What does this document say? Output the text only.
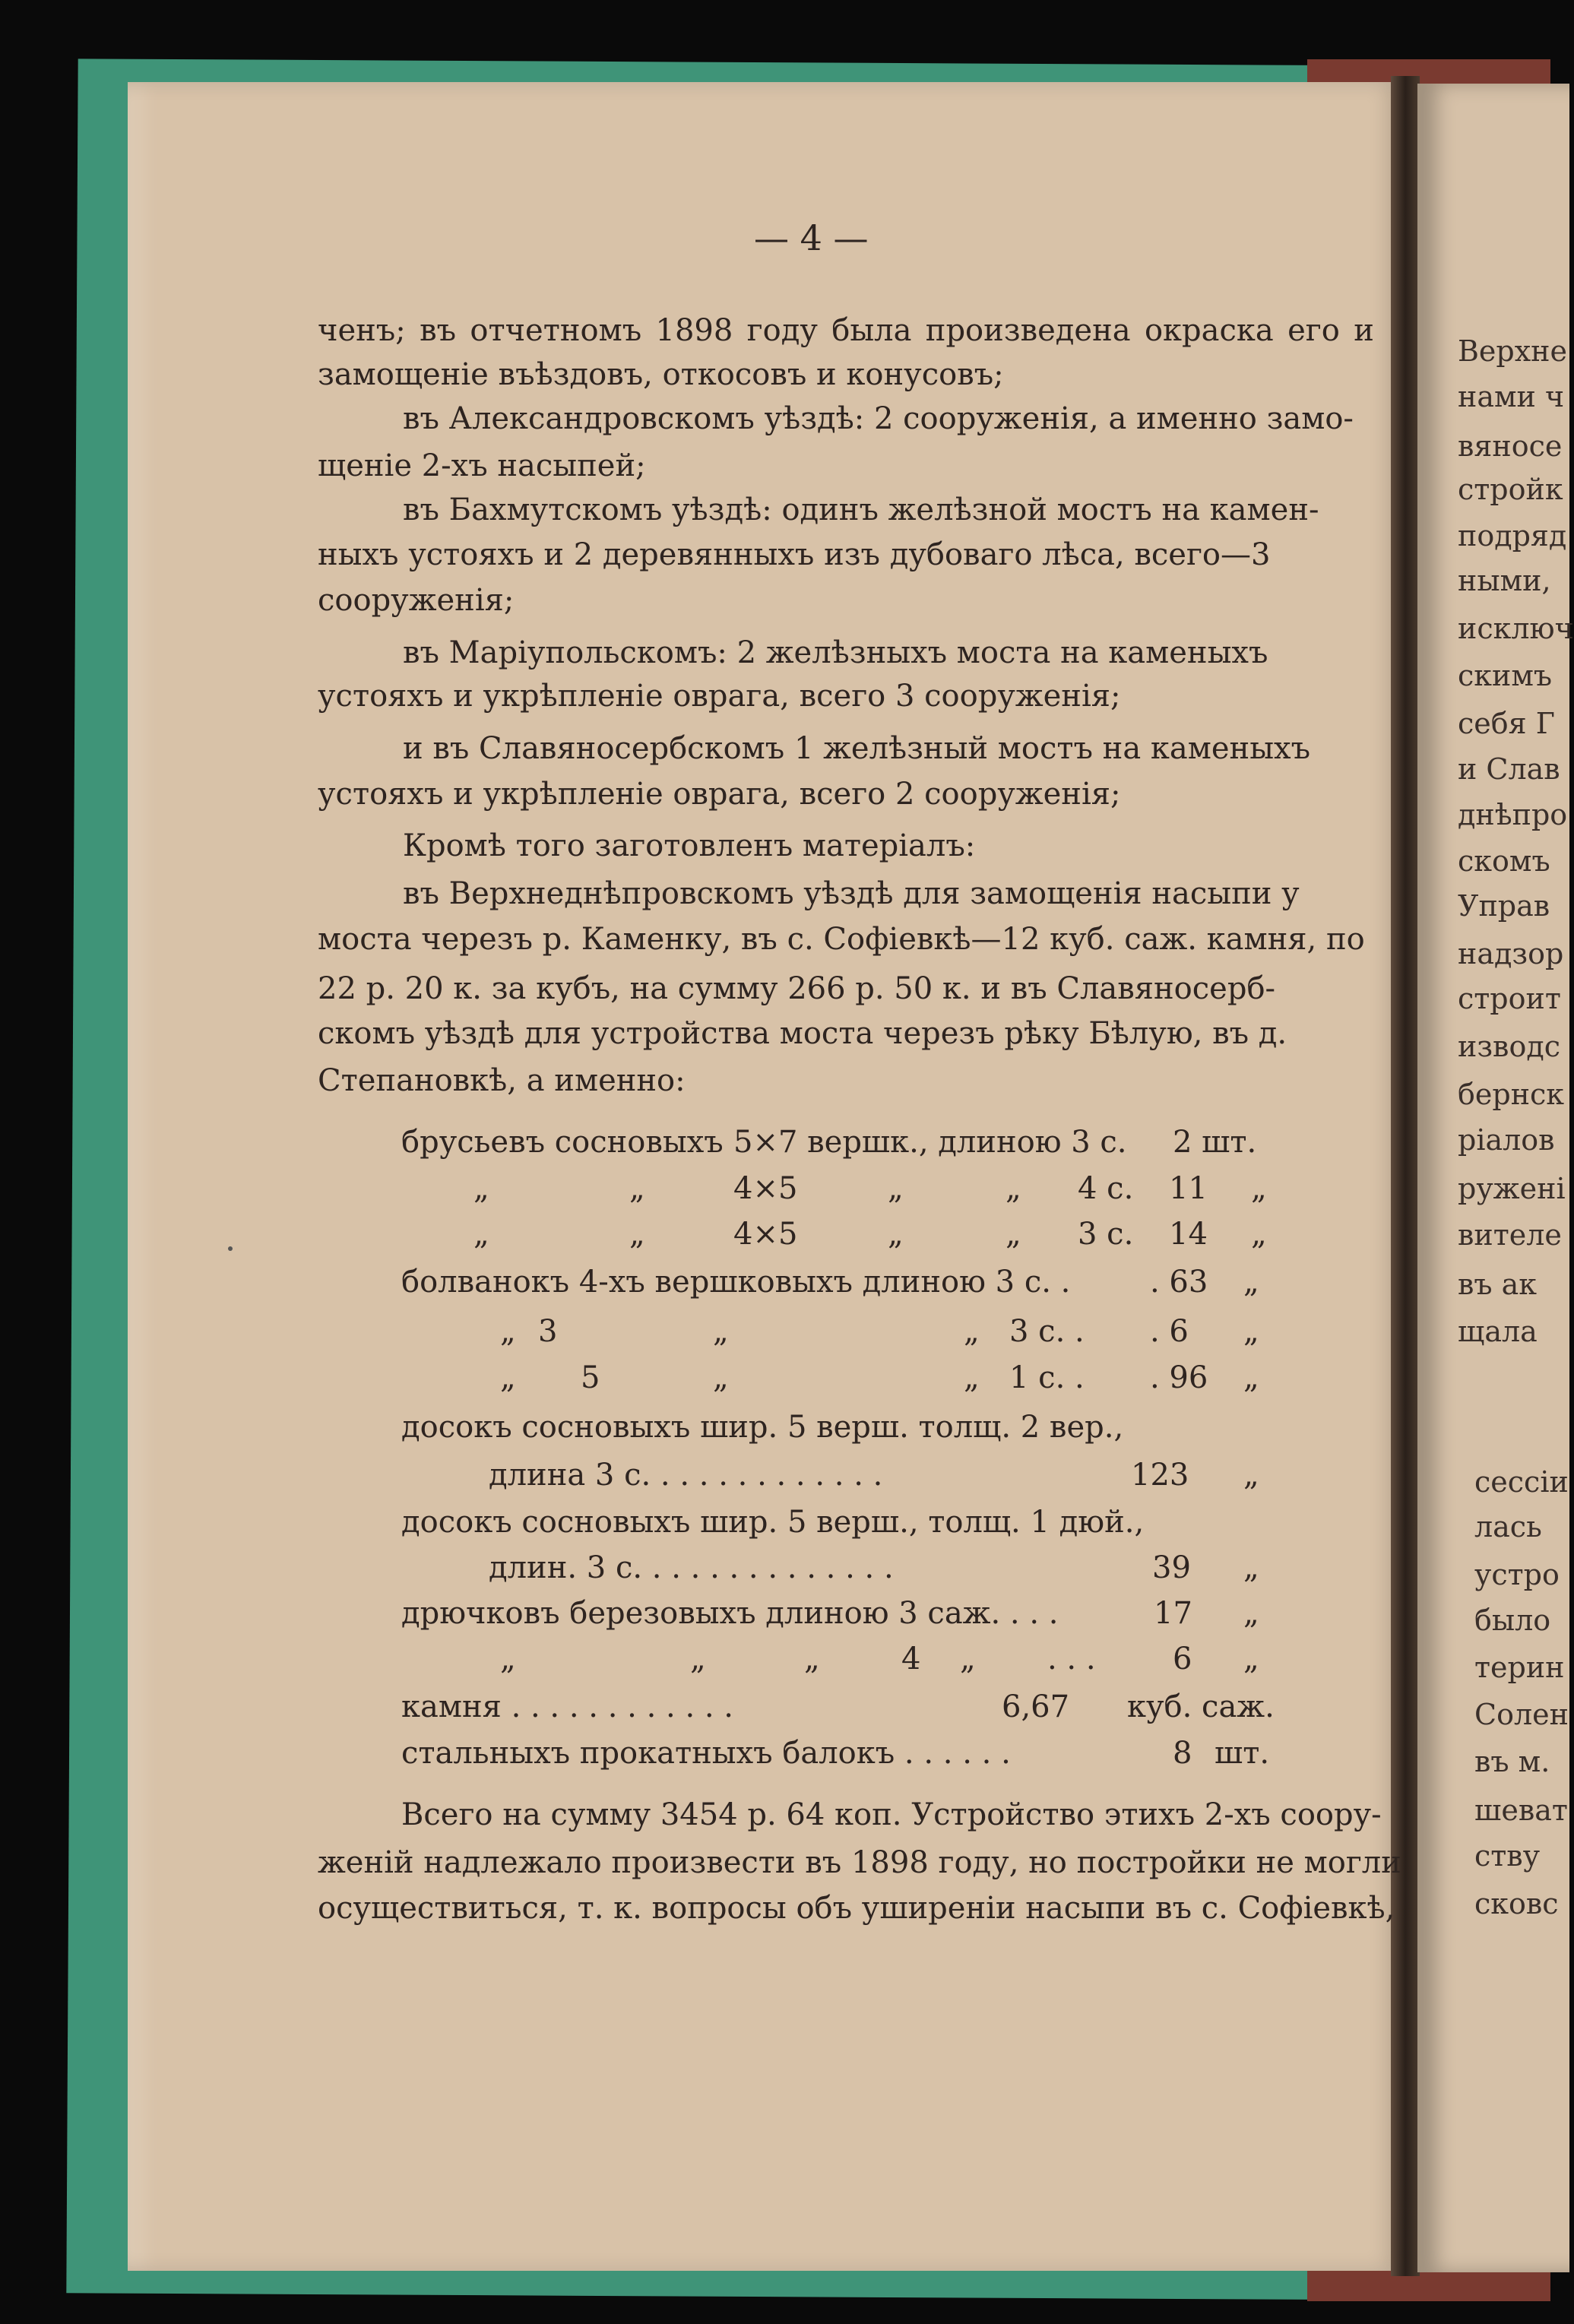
— 4 —
ченъ; въ отчетномъ 1898 году была произведена окраска его и
замощеніе въѣздовъ, откосовъ и конусовъ;
въ Александровскомъ уѣздѣ: 2 сооруженія, а именно замо-
щеніе 2-хъ насыпей;
въ Бахмутскомъ уѣздѣ: одинъ желѣзной мостъ на камен-
ныхъ устояхъ и 2 деревянныхъ изъ дубоваго лѣса, всего—3
сооруженія;
въ Маріупольскомъ: 2 желѣзныхъ моста на каменыхъ
устояхъ и укрѣпленіе оврага, всего 3 сооруженія;
и въ Славяносербскомъ 1 желѣзный мостъ на каменыхъ
устояхъ и укрѣпленіе оврага, всего 2 сооруженія;
Кромѣ того заготовленъ матеріалъ:
въ Верхнеднѣпровскомъ уѣздѣ для замощенія насыпи у
моста черезъ р. Каменку, въ с. Софіевкѣ—12 куб. саж. камня, по
22 р. 20 к. за кубъ, на сумму 266 р. 50 к. и въ Славяносерб-
скомъ уѣздѣ для устройства моста черезъ рѣку Бѣлую, въ д.
Степановкѣ, а именно:
брусьевъ сосновыхъ 5×7 вершк., длиною 3 с. 2 шт.
„	„	4×5	„	„ 4 с. 11 „
„	„	4×5	„	„ 3 с. 14 „
болванокъ 4-хъ вершковыхъ длиною 3 с. .	. 63 „
„ 3	„	„ 3 с. . . 6 „
„ 5	„	„ 1 с. . . 96 „
досокъ сосновыхъ шир. 5 верш. толщ. 2 вер.,
длина 3 с. . . . . . . . . . . . .	123 „
досокъ сосновыхъ шир. 5 верш., толщ. 1 дюй.,
длин. 3 с. . . . . . . . . . . . . .	39 „
дрючковъ березовыхъ длиною 3 саж. . . .	17 „
„	„	„	4 „ . . .	6 „
камня . . . . . . . . . . . .	6,67 куб. саж.
стальныхъ прокатныхъ балокъ . . . . . .	8 шт.
Всего на сумму 3454 р. 64 коп. Устройство этихъ 2-хъ соору-
женій надлежало произвести въ 1898 году, но постройки не могли
осуществиться, т. к. вопросы объ уширеніи насыпи въ с. Софіевкѣ,
Верхне
нами ч
вяносе
стройк
подряд
ными,
исключ
скимъ
себя Г
и Слав
днѣпро
скомъ
Управ
надзор
строит
изводс
бернск
ріалов
руженi
вителе
въ ак
щала
сессіи
лась
устро
было
терин
Солен
въ м.
шеват
ству
сковс
